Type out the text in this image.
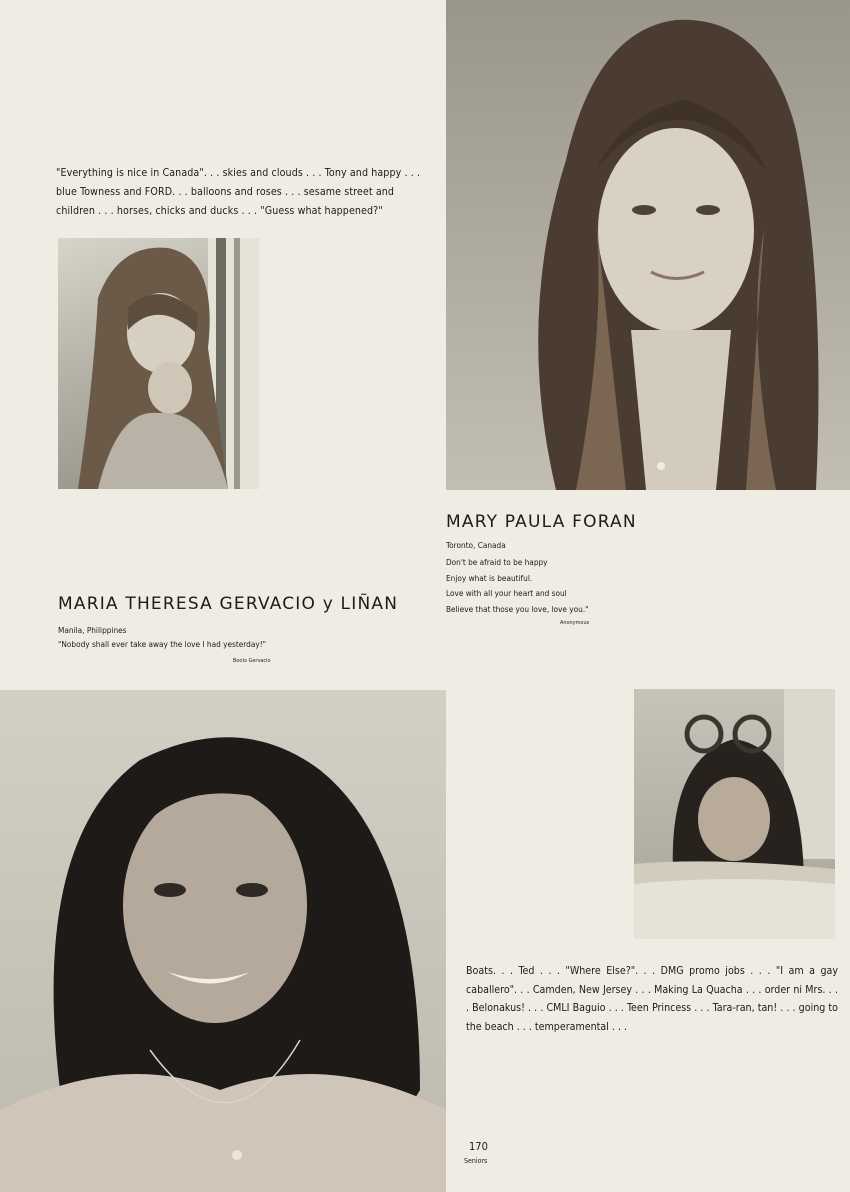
"Everything is nice in Canada". . . skies and clouds . . . Tony and happy . . . blue Towness and FORD. . . balloons and roses . . . sesame street and children . . . horses, chicks and ducks . . . "Guess what happened?"

MARY PAULA FORAN
Toronto, Canada
Don't be afraid to be happy
Enjoy what is beautiful.
Love with all your heart and soul
Believe that those you love, love you."
Anonymous
MARIA THERESA GERVACIO y LIÑAN
Manila, Philippines
"Nobody shall ever take away the love I had yesterday!"
Boots Gervacio

Boats. . . Ted . . . "Where Else?". . . DMG promo jobs . . . "I am a gay caballero". . . Camden, New Jersey . . . Making La Quacha . . . order ni Mrs. . . . Belonakus! . . . CMLI Baguio . . . Teen Princess . . . Tara-ran, tan! . . . going to the beach . . . temperamental . . .

170
Seniors
